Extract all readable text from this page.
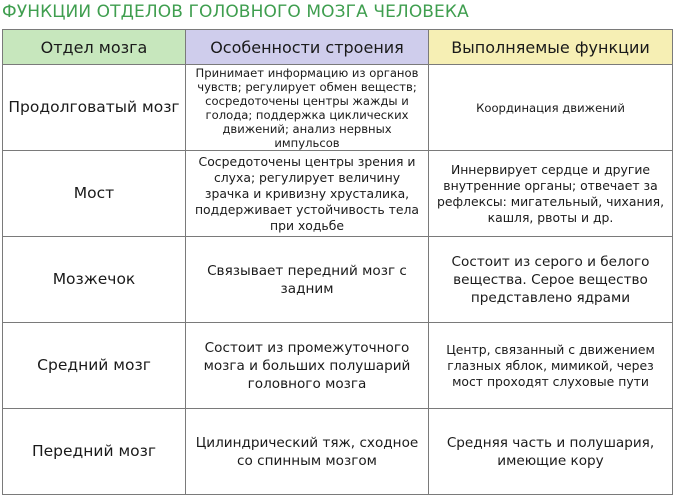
ФУНКЦИИ ОТДЕЛОВ ГОЛОВНОГО МОЗГА ЧЕЛОВЕКА
Отдел мозга	Особенности строения	Выполняемые функции
Продолговатый мозг	Принимает информацию из органов чувств; регулирует обмен веществ; сосредоточены центры жажды и голода; поддержка циклических движений; анализ нервных импульсов	Координация движений
Мост	Сосредоточены центры зрения и слуха; регулирует величину зрачка и кривизну хрусталика, поддерживает устойчивость тела при ходьбе	Иннервирует сердце и другие внутренние органы; отвечает за рефлексы: мигательный, чихания, кашля, рвоты и др.
Мозжечок	Связывает передний мозг с задним	Состоит из серого и белого вещества. Серое вещество представлено ядрами
Средний мозг	Состоит из промежуточного мозга и больших полушарий головного мозга	Центр, связанный с движением глазных яблок, мимикой, через мост проходят слуховые пути
Передний мозг	Цилиндрический тяж, сходное со спинным мозгом	Средняя часть и полушария, имеющие кору
